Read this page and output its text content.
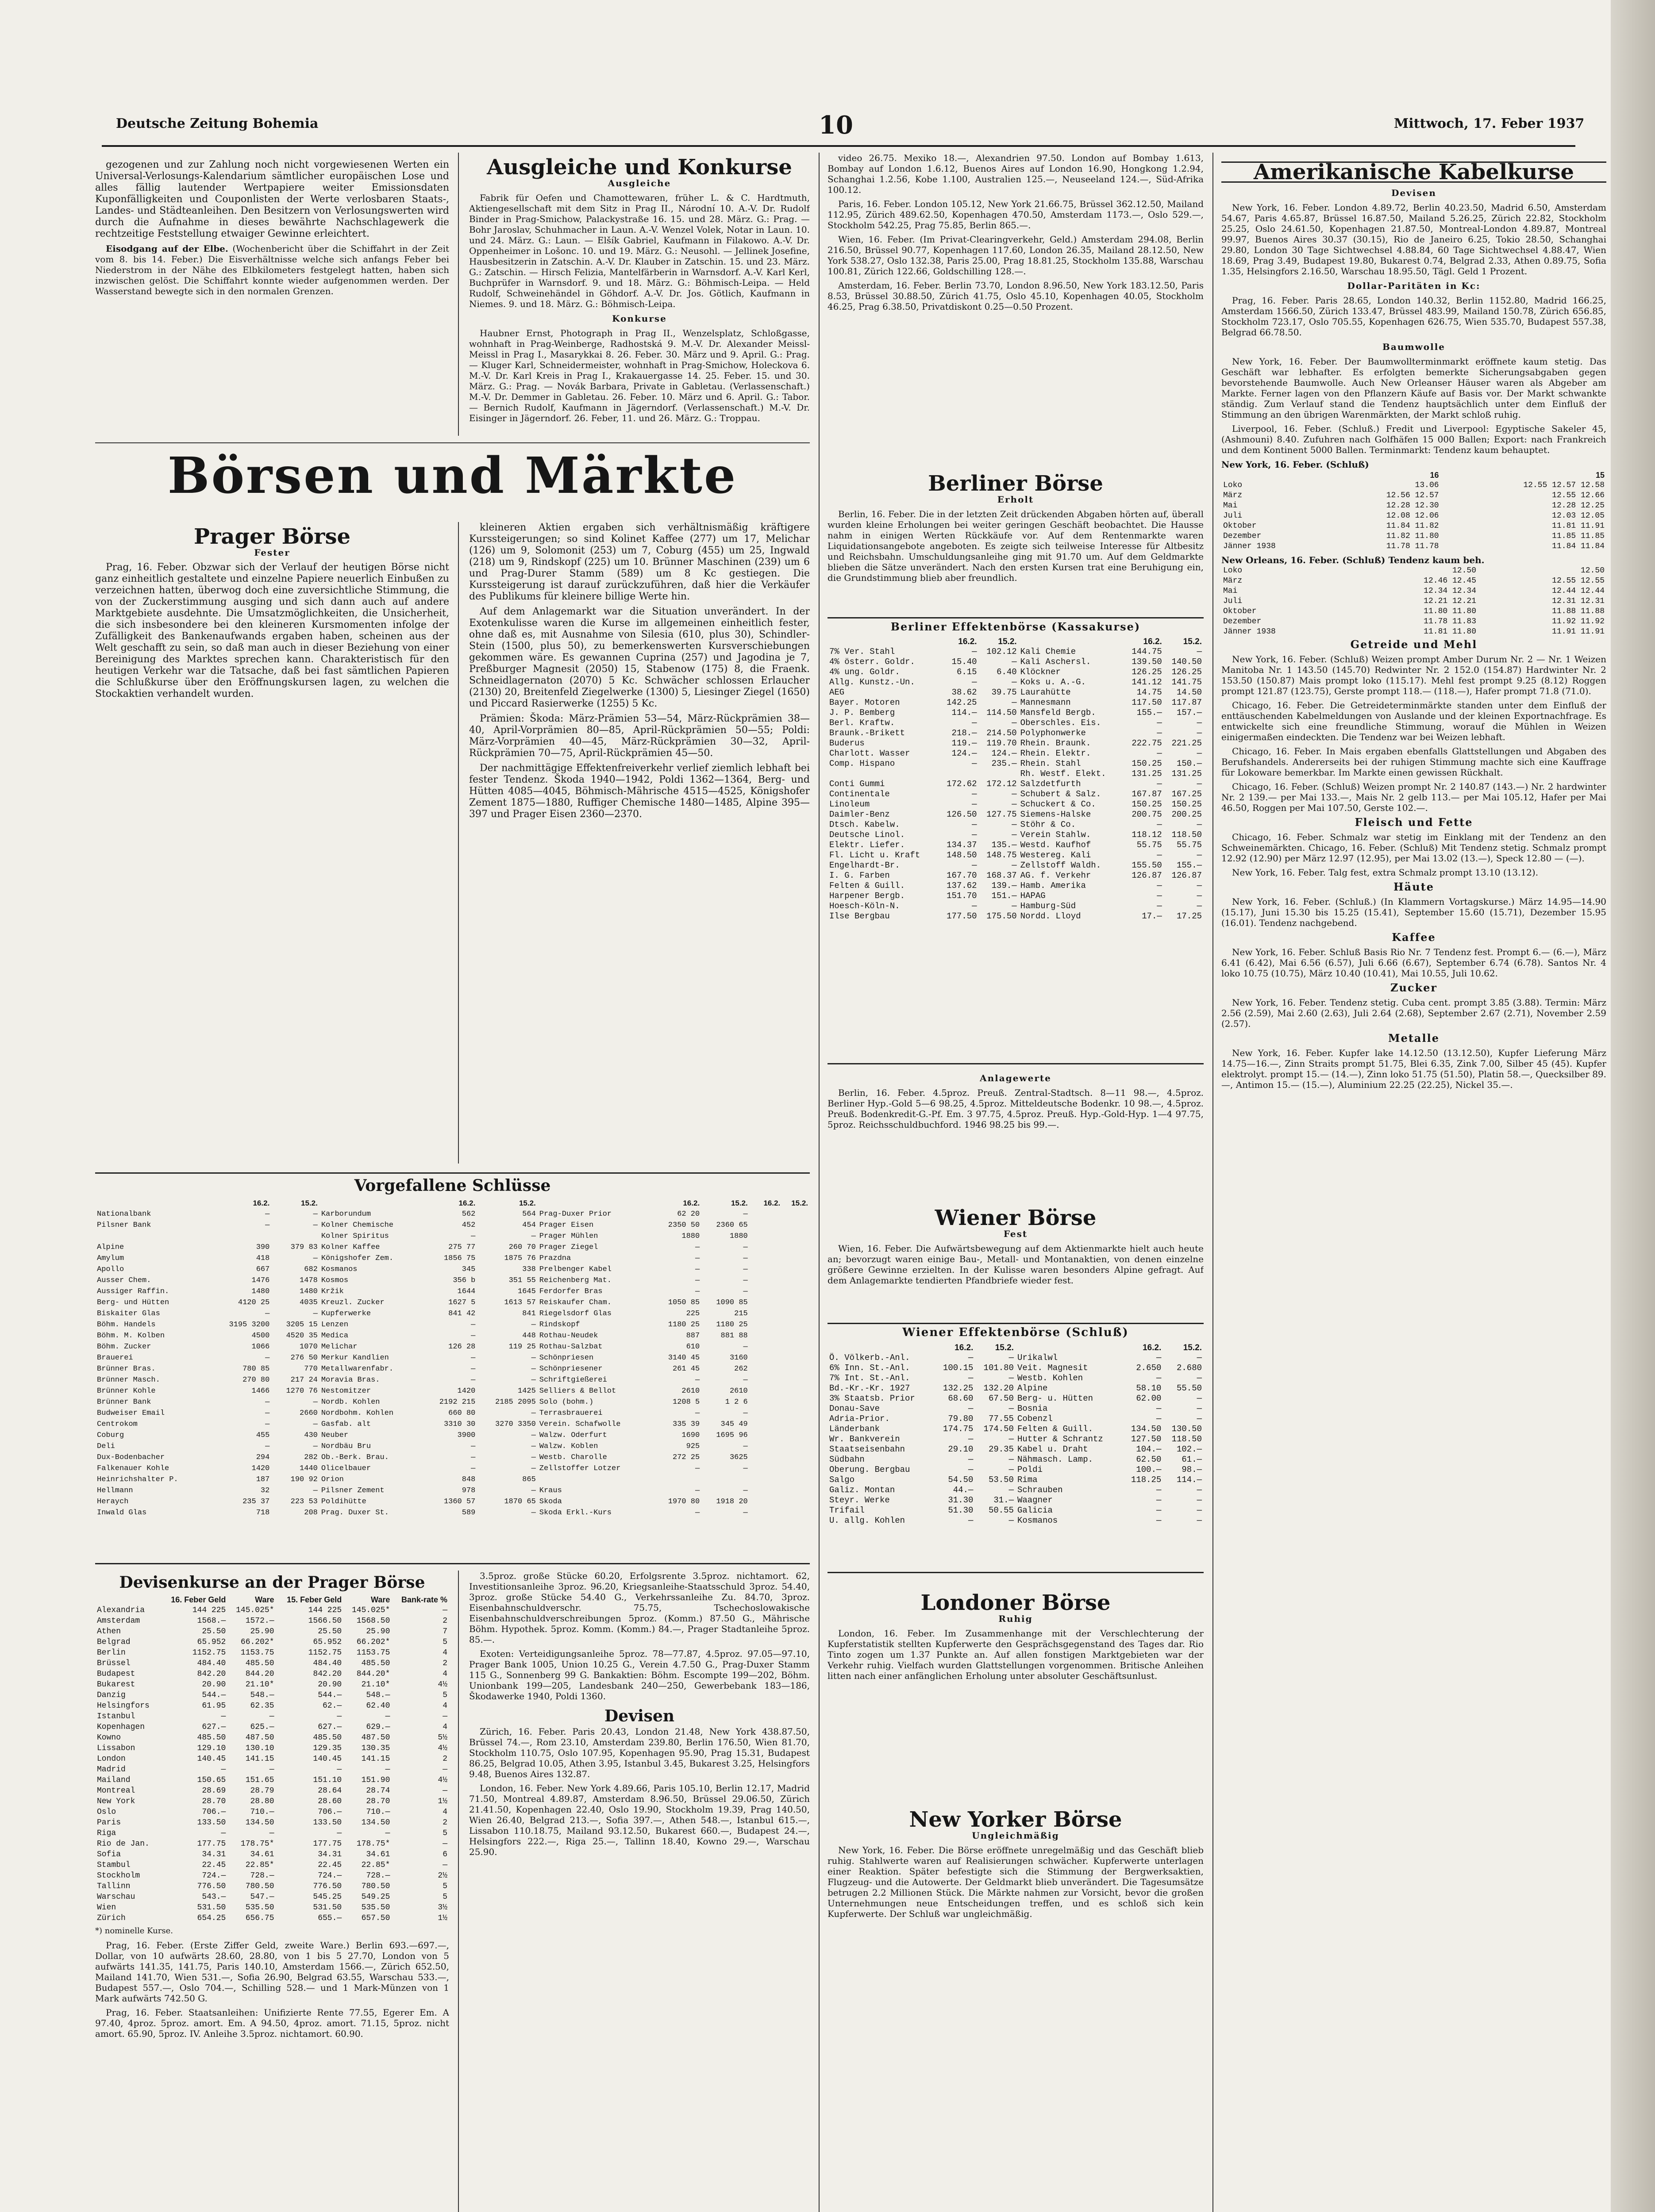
Deutsche Zeitung Bohemia	10	Mittwoch, 17. Feber 1937

gezogenen und zur Zahlung noch nicht vorgewiesenen Werten ein Universal-Verlosungs-Kalendarium sämtlicher europäischen Lose und alles fällig lautender Wertpapiere weiter Emissionsdaten Kuponfälligkeiten und Couponlisten der Werte verlosbaren Staats-, Landes- und Städteanleihen. Den Besitzern von Verlosungswerten wird durch die Aufnahme in dieses bewährte Nachschlagewerk die rechtzeitige Feststellung etwaiger Gewinne erleichtert.

Eisodgang auf der Elbe. (Wochenbericht über die Schiffahrt in der Zeit vom 8. bis 14. Feber.) Die Eisverhältnisse welche sich anfangs Feber bei Niederstrom in der Nähe des Elbkilometers festgelegt hatten, haben sich inzwischen gelöst. Die Schiffahrt konnte wieder aufgenommen werden. Der Wasserstand bewegte sich in den normalen Grenzen.

Ausgleiche und Konkurse
Ausgleiche

Fabrik für Oefen und Chamottewaren, früher L. & C. Hardtmuth, Aktiengesellschaft mit dem Sitz in Prag II., Národní 10. A.-V. Dr. Rudolf Binder in Prag-Smichow, Palackystraße 16. 15. und 28. März. G.: Prag. — Bohr Jaroslav, Schuhmacher in Laun. A.-V. Wenzel Volek, Notar in Laun. 10. und 24. März. G.: Laun. — Elšík Gabriel, Kaufmann in Filakowo. A.-V. Dr. Oppenheimer in Lošonc. 10. und 19. März. G.: Neusohl. — Jellinek Josefine, Hausbesitzerin in Zatschin. A.-V. Dr. Klauber in Zatschin. 15. und 23. März. G.: Zatschin. — Hirsch Felizia, Mantelfärberin in Warnsdorf. A.-V. Karl Kerl, Buchprüfer in Warnsdorf. 9. und 18. März. G.: Böhmisch-Leipa. — Held Rudolf, Schweinehändel in Göhdorf. A.-V. Dr. Jos. Götlich, Kaufmann in Niemes. 9. und 18. März. G.: Böhmisch-Leipa.

Konkurse

Haubner Ernst, Photograph in Prag II., Wenzelsplatz, Schloßgasse, wohnhaft in Prag-Weinberge, Radhostská 9. M.-V. Dr. Alexander Meissl-Meissl in Prag I., Masarykkai 8. 26. Feber. 30. März und 9. April. G.: Prag. — Kluger Karl, Schneidermeister, wohnhaft in Prag-Smichow, Holeckova 6. M.-V. Dr. Karl Kreis in Prag I., Krakauergasse 14. 25. Feber. 15. und 30. März. G.: Prag. — Novák Barbara, Private in Gabletau. (Verlassenschaft.) M.-V. Dr. Demmer in Gabletau. 26. Feber. 10. März und 6. April. G.: Tabor. — Bernich Rudolf, Kaufmann in Jägerndorf. (Verlassenschaft.) M.-V. Dr. Eisinger in Jägerndorf. 26. Feber, 11. und 26. März. G.: Troppau.

video 26.75. Mexiko 18.—, Alexandrien 97.50. London auf Bombay 1.613, Bombay auf London 1.6.12, Buenos Aires auf London 16.90, Hongkong 1.2.94, Schanghai 1.2.56, Kobe 1.100, Australien 125.—, Neuseeland 124.—, Süd-Afrika 100.12.

Paris, 16. Feber. London 105.12, New York 21.66.75, Brüssel 362.12.50, Mailand 112.95, Zürich 489.62.50, Kopenhagen 470.50, Amsterdam 1173.—, Oslo 529.—, Stockholm 542.25, Prag 75.85, Berlin 865.—.

Wien, 16. Feber. (Im Privat-Clearingverkehr, Geld.) Amsterdam 294.08, Berlin 216.50, Brüssel 90.77, Kopenhagen 117.60, London 26.35, Mailand 28.12.50, New York 538.27, Oslo 132.38, Paris 25.00, Prag 18.81.25, Stockholm 135.88, Warschau 100.81, Zürich 122.66, Goldschilling 128.—.

Amsterdam, 16. Feber. Berlin 73.70, London 8.96.50, New York 183.12.50, Paris 8.53, Brüssel 30.88.50, Zürich 41.75, Oslo 45.10, Kopenhagen 40.05, Stockholm 46.25, Prag 6.38.50, Privatdiskont 0.25—0.50 Prozent.

Berliner Börse
Erholt

Berlin, 16. Feber. Die in der letzten Zeit drückenden Abgaben hörten auf, überall wurden kleine Erholungen bei weiter geringen Geschäft beobachtet. Die Hausse nahm in einigen Werten Rückkäufe vor. Auf dem Rentenmarkte waren Liquidationsangebote angeboten. Es zeigte sich teilweise Interesse für Altbesitz und Reichsbahn. Umschuldungsanleihe ging mit 91.70 um. Auf dem Geldmarkte blieben die Sätze unverändert. Nach den ersten Kursen trat eine Beruhigung ein, die Grundstimmung blieb aber freundlich.

Berliner Effektenbörse (Kassakurse)
	16.2.	15.2.		16.2.	15.2.
7% Ver. Stahl	—	102.12	Kali Chemie	144.75	—
4% österr. Goldr.	15.40	—	Kali Aschersl.	139.50	140.50
4% ung. Goldr.	6.15	6.40	Klöckner	126.25	126.25
Allg. Kunstz.-Un.	—	—	Koks u. A.-G.	141.12	141.75
AEG	38.62	39.75	Laurahütte	14.75	14.50
Bayer. Motoren	142.25	—	Mannesmann	117.50	117.87
J. P. Bemberg	114.—	114.50	Mansfeld Bergb.	155.—	157.—
Berl. Kraftw.	—	—	Oberschles. Eis.	—	—
Braunk.-Brikett	218.—	214.50	Polyphonwerke	—	—
Buderus	119.—	119.70	Rhein. Braunk.	222.75	221.25
Charlott. Wasser	124.—	124.—	Rhein. Elektr.	—	—
Comp. Hispano	—	235.—	Rhein. Stahl	150.25	150.—
			Rh. Westf. Elekt.	131.25	131.25
Conti Gummi	172.62	172.12	Salzdetfurth	—	—
Continentale	—	—	Schubert & Salz.	167.87	167.25
Linoleum	—	—	Schuckert & Co.	150.25	150.25
Daimler-Benz	126.50	127.75	Siemens-Halske	200.75	200.25
Dtsch. Kabelw.	—	—	Stöhr & Co.	—	—
Deutsche Linol.	—	—	Verein Stahlw.	118.12	118.50
Elektr. Liefer.	134.37	135.—	Westd. Kaufhof	55.75	55.75
Fl. Licht u. Kraft	148.50	148.75	Westereg. Kali	—	—
Engelhardt-Br.	—	—	Zellstoff Waldh.	155.50	155.—
I. G. Farben	167.70	168.37	AG. f. Verkehr	126.87	126.87
Felten & Guill.	137.62	139.—	Hamb. Amerika	—	—
Harpener Bergb.	151.70	151.—	HAPAG	—	—
Hoesch-Köln-N.	—	—	Hamburg-Süd	—	—
Ilse Bergbau	177.50	175.50	Nordd. Lloyd	17.—	17.25
Anlagewerte

Berlin, 16. Feber. 4.5proz. Preuß. Zentral-Stadtsch. 8—11 98.—, 4.5proz. Berliner Hyp.-Gold 5—6 98.25, 4.5proz. Mitteldeutsche Bodenkr. 10 98.—, 4.5proz. Preuß. Bodenkredit-G.-Pf. Em. 3 97.75, 4.5proz. Preuß. Hyp.-Gold-Hyp. 1—4 97.75, 5proz. Reichsschuldbuchford. 1946 98.25 bis 99.—.

Wiener Börse
Fest

Wien, 16. Feber. Die Aufwärtsbewegung auf dem Aktienmarkte hielt auch heute an; bevorzugt waren einige Bau-, Metall- und Montanaktien, von denen einzelne größere Gewinne erzielten. In der Kulisse waren besonders Alpine gefragt. Auf dem Anlagemarkte tendierten Pfandbriefe wieder fest.

Wiener Effektenbörse (Schluß)
	16.2.	15.2.		16.2.	15.2.
Ö. Völkerb.-Anl.	—	—	Urikalwl	—	—
6% Inn. St.-Anl.	100.15	101.80	Veit. Magnesit	2.650	2.680
7% Int. St.-Anl.	—	—	Westb. Kohlen	—	—
Bd.-Kr.-Kr. 1927	132.25	132.20	Alpine	58.10	55.50
3% Staatsb. Prior	68.60	67.50	Berg- u. Hütten	62.00	—
Donau-Save	—	—	Bosnia	—	—
Adria-Prior.	79.80	77.55	Cobenzl	—	—
Länderbank	174.75	174.50	Felten & Guill.	134.50	130.50
Wr. Bankverein	—	—	Hutter & Schrantz	127.50	118.50
Staatseisenbahn	29.10	29.35	Kabel u. Draht	104.—	102.—
Südbahn	—	—	Nähmasch. Lamp.	62.50	61.—
Oberung. Bergbau	—	—	Poldi	100.—	98.—
Salgo	54.50	53.50	Rima	118.25	114.—
Galiz. Montan	44.—	—	Schrauben	—	—
Steyr. Werke	31.30	31.—	Waagner	—	—
Trifail	51.30	50.55	Galicia	—	—
U. allg. Kohlen	—	—	Kosmanos	—	—
Londoner Börse
Ruhig

London, 16. Feber. Im Zusammenhange mit der Verschlechterung der Kupferstatistik stellten Kupferwerte den Gesprächsgegenstand des Tages dar. Rio Tinto zogen um 1.37 Punkte an. Auf allen fonstigen Marktgebieten war der Verkehr ruhig. Vielfach wurden Glattstellungen vorgenommen. Britische Anleihen litten nach einer anfänglichen Erholung unter absoluter Geschäftsunlust.

New Yorker Börse
Ungleichmäßig

New York, 16. Feber. Die Börse eröffnete unregelmäßig und das Geschäft blieb ruhig. Stahlwerte waren auf Realisierungen schwächer. Kupferwerte unterlagen einer Reaktion. Später befestigte sich die Stimmung der Bergwerksaktien, Flugzeug- und die Autowerte. Der Geldmarkt blieb unverändert. Die Tagesumsätze betrugen 2.2 Millionen Stück. Die Märkte nahmen zur Vorsicht, bevor die großen Unternehmungen neue Entscheidungen treffen, und es schloß sich kein Kupferwerte. Der Schluß war ungleichmäßig.

Börsen und Märkte
Prager Börse
Fester

Prag, 16. Feber. Obzwar sich der Verlauf der heutigen Börse nicht ganz einheitlich gestaltete und einzelne Papiere neuerlich Einbußen zu verzeichnen hatten, überwog doch eine zuversichtliche Stimmung, die von der Zuckerstimmung ausging und sich dann auch auf andere Marktgebiete ausdehnte. Die Umsatzmöglichkeiten, die Unsicherheit, die sich insbesondere bei den kleineren Kursmomenten infolge der Zufälligkeit des Bankenaufwands ergaben haben, scheinen aus der Welt geschafft zu sein, so daß man auch in dieser Beziehung von einer Bereinigung des Marktes sprechen kann. Charakteristisch für den heutigen Verkehr war die Tatsache, daß bei fast sämtlichen Papieren die Schlußkurse über den Eröffnungskursen lagen, zu welchen die Stockaktien verhandelt wurden.

kleineren Aktien ergaben sich verhältnismäßig kräftigere Kurssteigerungen; so sind Kolinet Kaffee (277) um 17, Melichar (126) um 9, Solomonit (253) um 7, Coburg (455) um 25, Ingwald (218) um 9, Rindskopf (225) um 10. Brünner Maschinen (239) um 6 und Prag-Durer Stamm (589) um 8 Kc gestiegen. Die Kurssteigerung ist darauf zurückzuführen, daß hier die Verkäufer des Publikums für kleinere billige Werte hin.

Auf dem Anlagemarkt war die Situation unverändert. In der Exotenkulisse waren die Kurse im allgemeinen einheitlich fester, ohne daß es, mit Ausnahme von Silesia (610, plus 30), Schindler-Stein (1500, plus 50), zu bemerkenswerten Kursverschiebungen gekommen wäre. Es gewannen Cuprina (257) und Jagodina je 7, Preßburger Magnesit (2050) 15, Stabenow (175) 8, die Fraenk. Schneidlagernaton (2070) 5 Kc. Schwächer schlossen Erlaucher (2130) 20, Breitenfeld Ziegelwerke (1300) 5, Liesinger Ziegel (1650) und Piccard Rasierwerke (1255) 5 Kc.

Prämien: Škoda: März-Prämien 53—54, März-Rückprämien 38—40, April-Vorprämien 80—85, April-Rückprämien 50—55; Poldi: März-Vorprämien 40—45, März-Rückprämien 30—32, April-Rückprämien 70—75, April-Rückprämien 45—50.

Der nachmittägige Effektenfreiverkehr verlief ziemlich lebhaft bei fester Tendenz. Škoda 1940—1942, Poldi 1362—1364, Berg- und Hütten 4085—4045, Böhmisch-Mährische 4515—4525, Königshofer Zement 1875—1880, Ruffiger Chemische 1480—1485, Alpine 395—397 und Prager Eisen 2360—2370.

Vorgefallene Schlüsse
	16.2.	15.2.		16.2.	15.2.		16.2.	15.2.		16.2.	15.2.
Nationalbank	—	—	Karborundum	562	564	Prag-Duxer Prior	62 20	—			
Pilsner Bank	—	—	Kolner Chemische	452	454	Prager Eisen	2350 50	2360 65			
			Kolner Spiritus	—	—	Prager Mühlen	1880	1880			
Alpine	390	379 83	Kolner Kaffee	275 77	260 70	Prager Ziegel	—	—			
Amylum	418	—	Königshofer Zem.	1856 75	1875 76	Prazdna	—	—			
Apollo	667	682	Kosmanos	345	338	Prelbenger Kabel	—	—			
Ausser Chem.	1476	1478	Kosmos	356 b	351 55	Reichenberg Mat.	—	—			
Aussiger Raffin.	1480	1480	Kržik	1644	1645	Ferdorfer Bras	—	—			
Berg- und Hütten	4120 25	4035	Kreuzl. Zucker	1627 5	1613 57	Reiskaufer Cham.	1050 85	1090 85			
Biskaiter Glas	—	—	Kupferwerke	841 42	841	Riegelsdorf Glas	225	215			
Böhm. Handels	3195 3200	3205 15	Lenzen	—	—	Rindskopf	1180 25	1180 25			
Böhm. M. Kolben	4500	4520 35	Medica	—	448	Rothau-Neudek	887	881 88			
Böhm. Zucker	1066	1070	Melichar	126 28	119 25	Rothau-Salzbat	610	—			
Brauerei	—	276 50	Merkur Kandlien	—	—	Schönpriesen	3140 45	3160			
Brünner Bras.	780 85	770	Metallwarenfabr.	—	—	Schönpriesener	261 45	262			
Brünner Masch.	270 80	217 24	Moravia Bras.	—	—	Schriftgießerei	—	—			
Brünner Kohle	1466	1270 76	Nestomitzer	1420	1425	Selliers & Bellot	2610	2610			
Brünner Bank	—	—	Nordb. Kohlen	2192 215	2185 2095	Solo (bohm.)	1208 5	1 2 6			
Budweiser Email	—	2660	Nordbohm. Kohlen	660 80	—	Terrasbrauerei	—	—			
Centrokom	—	—	Gasfab. alt	3310 30	3270 3350	Verein. Schafwolle	335 39	345 49			
Coburg	455	430	Neuber	3900	—	Walzw. Oderfurt	1690	1695 96			
Deli	—	—	Nordbäu Bru	—	—	Walzw. Koblen	925	—			
Dux-Bodenbacher	294	282	Ob.-Berk. Brau.	—	—	Westb. Charolle	272 25	3625			
Falkenauer Kohle	1420	1440	Olicelbauer	—	—	Zellstoffer Lotzer	—	—			
Heinrichshalter P.	187	190 92	Orion	848	865						
Hellmann	32	—	Pilsner Zement	978	—	Kraus	—	—			
Heraych	235 37	223 53	Poldihütte	1360 57	1870 65	Skoda	1970 80	1918 20			
Inwald Glas	718	208	Prag. Duxer St.	589	—	Skoda Erkl.-Kurs	—	—			
Devisenkurse an der Prager Börse
	16. Feber Geld	Ware	15. Feber Geld	Ware	Bank-rate %
Alexandria	144 225	145.025*	144 225	145.025*	—
Amsterdam	1568.—	1572.—	1566.50	1568.50	2
Athen	25.50	25.90	25.50	25.90	7
Belgrad	65.952	66.202*	65.952	66.202*	5
Berlin	1152.75	1153.75	1152.75	1153.75	4
Brüssel	484.40	485.50	484.40	485.50	2
Budapest	842.20	844.20	842.20	844.20*	4
Bukarest	20.90	21.10*	20.90	21.10*	4½
Danzig	544.—	548.—	544.—	548.—	5
Helsingfors	61.95	62.35	62.—	62.40	4
Istanbul	—	—	—	—	—
Kopenhagen	627.—	625.—	627.—	629.—	4
Kowno	485.50	487.50	485.50	487.50	5½
Lissabon	129.10	130.10	129.35	130.35	4½
London	140.45	141.15	140.45	141.15	2
Madrid	—	—	—	—	—
Mailand	150.65	151.65	151.10	151.90	4½
Montreal	28.69	28.79	28.64	28.74	—
New York	28.70	28.80	28.60	28.70	1½
Oslo	706.—	710.—	706.—	710.—	4
Paris	133.50	134.50	133.50	134.50	2
Riga	—	—	—	—	5
Rio de Jan.	177.75	178.75*	177.75	178.75*	—
Sofia	34.31	34.61	34.31	34.61	6
Stambul	22.45	22.85*	22.45	22.85*	—
Stockholm	724.—	728.—	724.—	728.—	2½
Tallinn	776.50	780.50	776.50	780.50	5
Warschau	543.—	547.—	545.25	549.25	5
Wien	531.50	535.50	531.50	535.50	3½
Zürich	654.25	656.75	655.—	657.50	1½
*) nominelle Kurse.

Prag, 16. Feber. (Erste Ziffer Geld, zweite Ware.) Berlin 693.—697.—, Dollar, von 10 aufwärts 28.60, 28.80, von 1 bis 5 27.70, London von 5 aufwärts 141.35, 141.75, Paris 140.10, Amsterdam 1566.—, Zürich 652.50, Mailand 141.70, Wien 531.—, Sofia 26.90, Belgrad 63.55, Warschau 533.—, Budapest 557.—, Oslo 704.—, Schilling 528.— und 1 Mark-Münzen von 1 Mark aufwärts 742.50 G.

Prag, 16. Feber. Staatsanleihen: Unifizierte Rente 77.55, Egerer Em. A 97.40, 4proz. 5proz. amort. Em. A 94.50, 4proz. amort. 71.15, 5proz. nicht amort. 65.90, 5proz. IV. Anleihe 3.5proz. nichtamort. 60.90.

3.5proz. große Stücke 60.20, Erfolgsrente 3.5proz. nichtamort. 62, Investitionsanleihe 3proz. 96.20, Kriegsanleihe-Staatsschuld 3proz. 54.40, 3proz. große Stücke 54.40 G., Verkehrssanleihe Zu. 84.70, 3proz. Eisenbahnschuldverschr. 75.75, Tschechoslowakische Eisenbahnschuldverschreibungen 5proz. (Komm.) 87.50 G., Mährische Böhm. Hypothek. 5proz. Komm. (Komm.) 84.—, Prager Stadtanleihe 5proz. 85.—.

Exoten: Verteidigungsanleihe 5proz. 78—77.87, 4.5proz. 97.05—97.10, Prager Bank 1005, Union 10.25 G., Verein 4.7.50 G., Prag-Duxer Stamm 115 G., Sonnenberg 99 G. Bankaktien: Böhm. Escompte 199—202, Böhm. Unionbank 199—205, Landesbank 240—250, Gewerbebank 183—186, Škodawerke 1940, Poldi 1360.

Devisen

Zürich, 16. Feber. Paris 20.43, London 21.48, New York 438.87.50, Brüssel 74.—, Rom 23.10, Amsterdam 239.80, Berlin 176.50, Wien 81.70, Stockholm 110.75, Oslo 107.95, Kopenhagen 95.90, Prag 15.31, Budapest 86.25, Belgrad 10.05, Athen 3.95, Istanbul 3.45, Bukarest 3.25, Helsingfors 9.48, Buenos Aires 132.87.

London, 16. Feber. New York 4.89.66, Paris 105.10, Berlin 12.17, Madrid 71.50, Montreal 4.89.87, Amsterdam 8.96.50, Brüssel 29.06.50, Zürich 21.41.50, Kopenhagen 22.40, Oslo 19.90, Stockholm 19.39, Prag 140.50, Wien 26.40, Belgrad 213.—, Sofia 397.—, Athen 548.—, Istanbul 615.—, Lissabon 110.18.75, Mailand 93.12.50, Bukarest 660.—, Budapest 24.—, Helsingfors 222.—, Riga 25.—, Tallinn 18.40, Kowno 29.—, Warschau 25.90.

Amerikanische Kabelkurse
Devisen

New York, 16. Feber. London 4.89.72, Berlin 40.23.50, Madrid 6.50, Amsterdam 54.67, Paris 4.65.87, Brüssel 16.87.50, Mailand 5.26.25, Zürich 22.82, Stockholm 25.25, Oslo 24.61.50, Kopenhagen 21.87.50, Montreal-London 4.89.87, Montreal 99.97, Buenos Aires 30.37 (30.15), Rio de Janeiro 6.25, Tokio 28.50, Schanghai 29.80, London 30 Tage Sichtwechsel 4.88.84, 60 Tage Sichtwechsel 4.88.47, Wien 18.69, Prag 3.49, Budapest 19.80, Bukarest 0.74, Belgrad 2.33, Athen 0.89.75, Sofia 1.35, Helsingfors 2.16.50, Warschau 18.95.50, Tägl. Geld 1 Prozent.

Dollar-Paritäten in Kc:

Prag, 16. Feber. Paris 28.65, London 140.32, Berlin 1152.80, Madrid 166.25, Amsterdam 1566.50, Zürich 133.47, Brüssel 483.99, Mailand 150.78, Zürich 656.85, Stockholm 723.17, Oslo 705.55, Kopenhagen 626.75, Wien 535.70, Budapest 557.38, Belgrad 66.78.50.

Baumwolle

New York, 16. Feber. Der Baumwollterminmarkt eröffnete kaum stetig. Das Geschäft war lebhafter. Es erfolgten bemerkte Sicherungsabgaben gegen bevorstehende Baumwolle. Auch New Orleanser Häuser waren als Abgeber am Markte. Ferner lagen von den Pflanzern Käufe auf Basis vor. Der Markt schwankte ständig. Zum Verlauf stand die Tendenz hauptsächlich unter dem Einfluß der Stimmung an den übrigen Warenmärkten, der Markt schloß ruhig.

Liverpool, 16. Feber. (Schluß.) Fredit und Liverpool: Egyptische Sakeler 45, (Ashmouni) 8.40. Zufuhren nach Golfhäfen 15 000 Ballen; Export: nach Frankreich und dem Kontinent 5000 Ballen. Terminmarkt: Tendenz kaum behauptet.

New York, 16. Feber. (Schluß)
	16	15
Loko	13.06	12.55 12.57 12.58
März	12.56 12.57	12.55 12.66
Mai	12.28 12.30	12.28 12.25
Juli	12.08 12.06	12.03 12.05
Oktober	11.84 11.82	11.81 11.91
Dezember	11.82 11.80	11.85 11.85
Jänner 1938	11.78 11.78	11.84 11.84
New Orleans, 16. Feber. (Schluß) Tendenz kaum beh.
Loko	12.50	12.50
März	12.46 12.45	12.55 12.55
Mai	12.34 12.34	12.44 12.44
Juli	12.21 12.21	12.31 12.31
Oktober	11.80 11.80	11.88 11.88
Dezember	11.78 11.83	11.92 11.92
Jänner 1938	11.81 11.80	11.91 11.91
Getreide und Mehl

New York, 16. Feber. (Schluß) Weizen prompt Amber Durum Nr. 2 — Nr. 1 Weizen Manitoba Nr. 1 143.50 (145.70) Redwinter Nr. 2 152.0 (154.87) Hardwinter Nr. 2 153.50 (150.87) Mais prompt loko (115.17). Mehl fest prompt 9.25 (8.12) Roggen prompt 121.87 (123.75), Gerste prompt 118.— (118.—), Hafer prompt 71.8 (71.0).

Chicago, 16. Feber. Die Getreideterminmärkte standen unter dem Einfluß der enttäuschenden Kabelmeldungen von Auslande und der kleinen Exportnachfrage. Es entwickelte sich eine freundliche Stimmung, worauf die Mühlen in Weizen einigermaßen eindeckten. Die Tendenz war bei Weizen lebhaft.

Chicago, 16. Feber. In Mais ergaben ebenfalls Glattstellungen und Abgaben des Berufshandels. Andererseits bei der ruhigen Stimmung machte sich eine Kauffrage für Lokoware bemerkbar. Im Markte einen gewissen Rückhalt.

Chicago, 16. Feber. (Schluß) Weizen prompt Nr. 2 140.87 (143.—) Nr. 2 hardwinter Nr. 2 139.— per Mai 133.—, Mais Nr. 2 gelb 113.— per Mai 105.12, Hafer per Mai 46.50, Roggen per Mai 107.50, Gerste 102.—.

Fleisch und Fette

Chicago, 16. Feber. Schmalz war stetig im Einklang mit der Tendenz an den Schweinemärkten. Chicago, 16. Feber. (Schluß) Mit Tendenz stetig. Schmalz prompt 12.92 (12.90) per März 12.97 (12.95), per Mai 13.02 (13.—), Speck 12.80 — (—).

New York, 16. Feber. Talg fest, extra Schmalz prompt 13.10 (13.12).

Häute

New York, 16. Feber. (Schluß.) (In Klammern Vortagskurse.) März 14.95—14.90 (15.17), Juni 15.30 bis 15.25 (15.41), September 15.60 (15.71), Dezember 15.95 (16.01). Tendenz nachgebend.

Kaffee

New York, 16. Feber. Schluß Basis Rio Nr. 7 Tendenz fest. Prompt 6.— (6.—), März 6.41 (6.42), Mai 6.56 (6.57), Juli 6.66 (6.67), September 6.74 (6.78). Santos Nr. 4 loko 10.75 (10.75), März 10.40 (10.41), Mai 10.55, Juli 10.62.

Zucker

New York, 16. Feber. Tendenz stetig. Cuba cent. prompt 3.85 (3.88). Termin: März 2.56 (2.59), Mai 2.60 (2.63), Juli 2.64 (2.68), September 2.67 (2.71), November 2.59 (2.57).

Metalle

New York, 16. Feber. Kupfer lake 14.12.50 (13.12.50), Kupfer Lieferung März 14.75—16.—, Zinn Straits prompt 51.75, Blei 6.35, Zink 7.00, Silber 45 (45). Kupfer elektrolyt. prompt 15.— (14.—), Zinn loko 51.75 (51.50), Platin 58.—, Quecksilber 89.—, Antimon 15.— (15.—), Aluminium 22.25 (22.25), Nickel 35.—.
